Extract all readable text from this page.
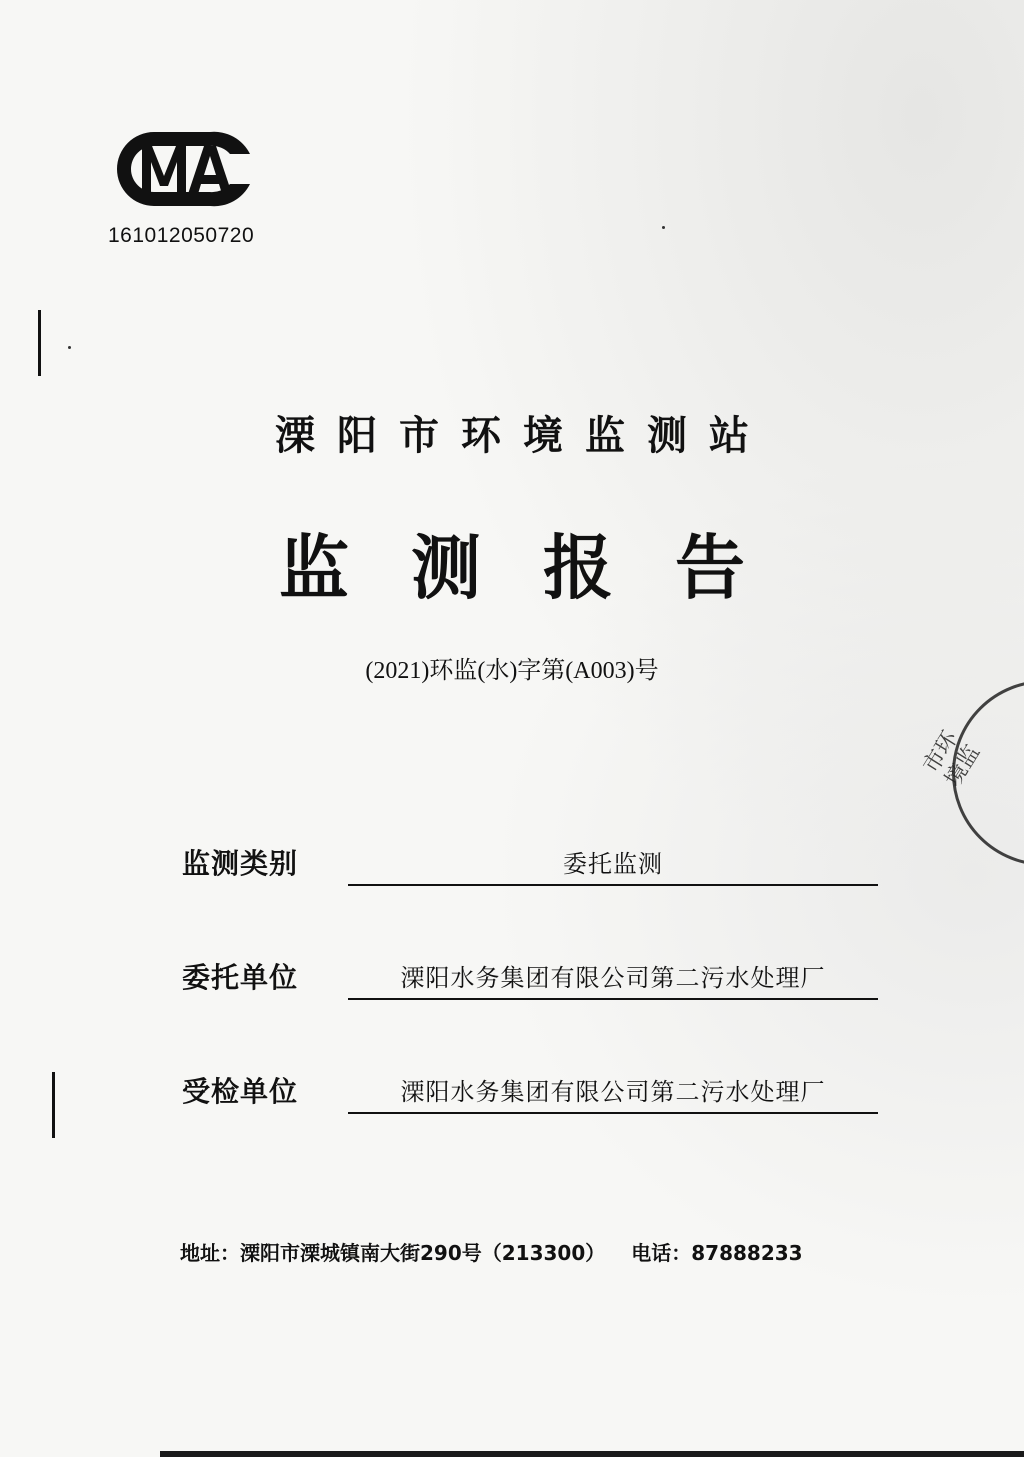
161012050720
溧阳市环境监测站
监测报告
(2021)环监(水)字第(A003)号
监测类别	委托监测
委托单位	溧阳水务集团有限公司第二污水处理厂
受检单位	溧阳水务集团有限公司第二污水处理厂
地址：溧阳市溧城镇南大街290号（213300） 电话：87888233
市环境监
